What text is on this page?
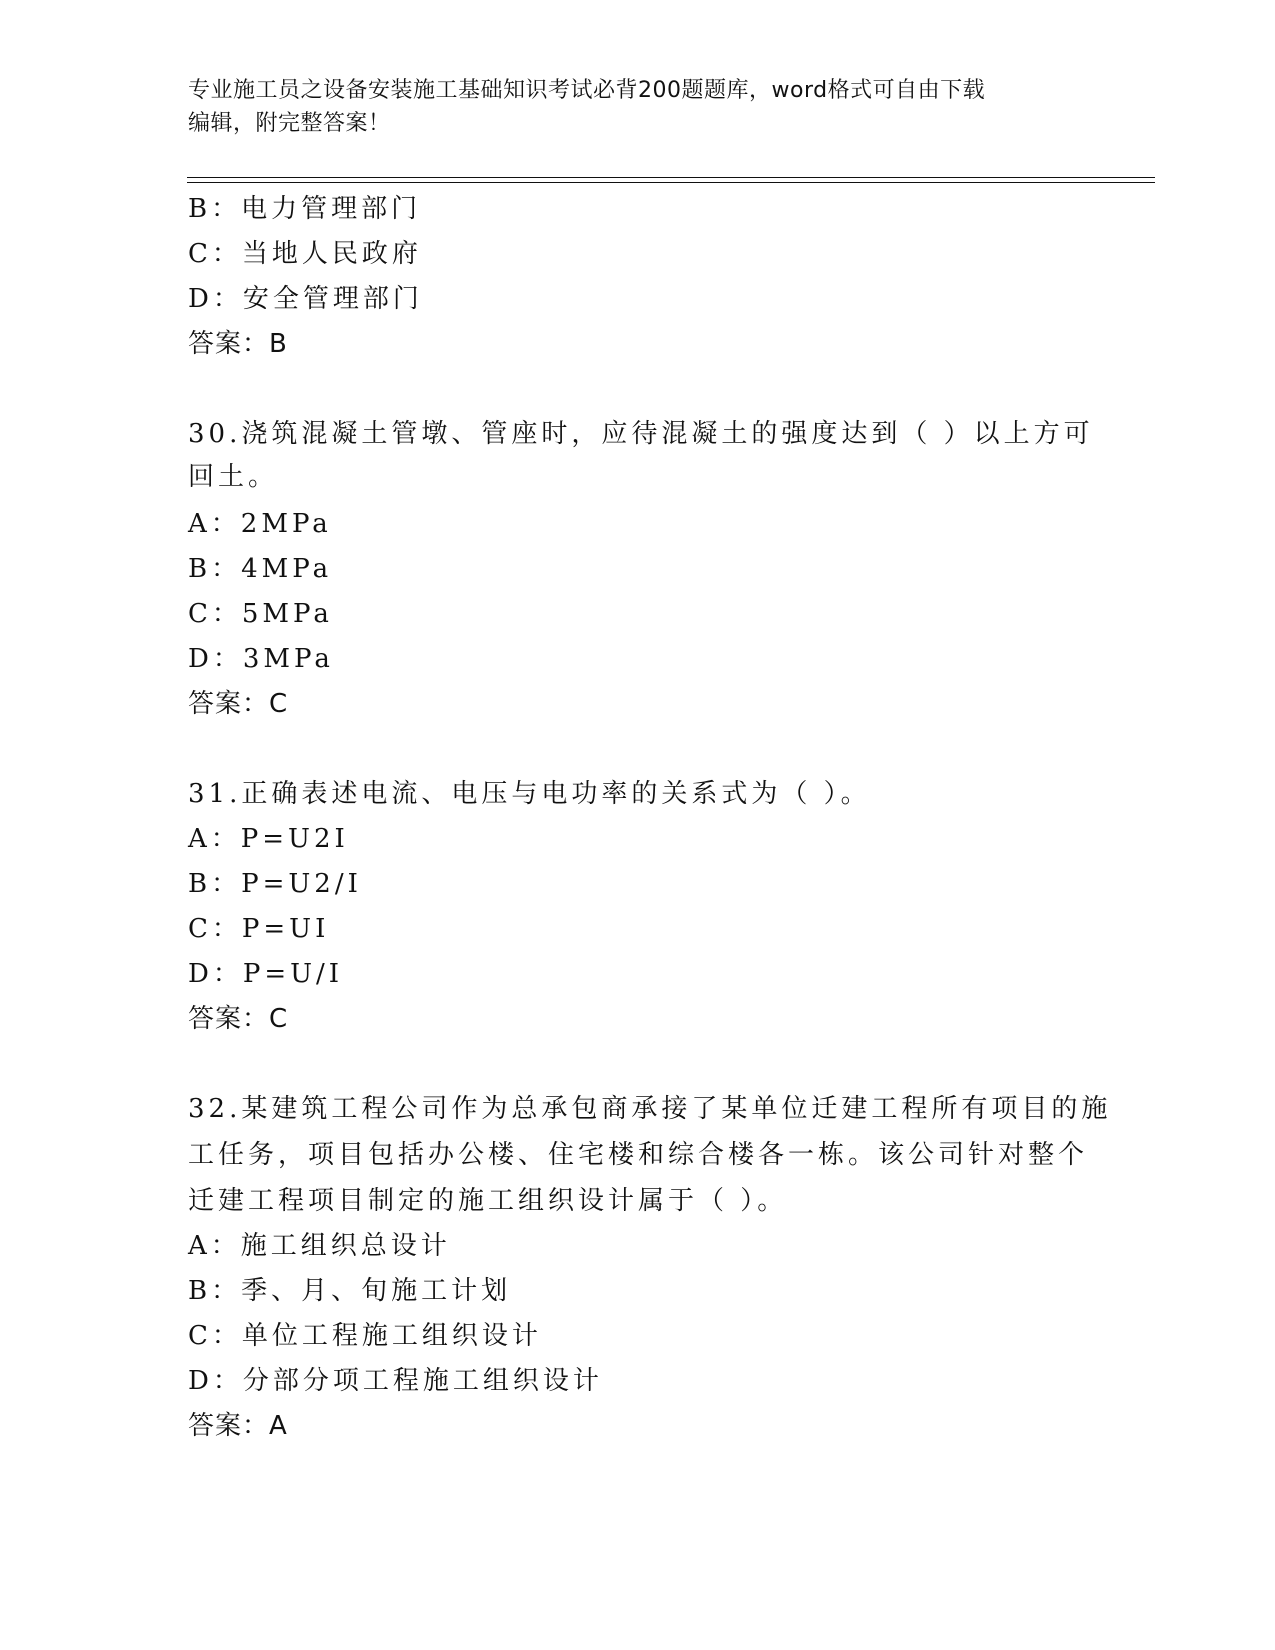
专业施工员之设备安装施工基础知识考试必背200题题库，word格式可自由下载
编辑，附完整答案！
B：电力管理部门
C：当地人民政府
D：安全管理部门
答案：B
30.浇筑混凝土管墩、管座时，应待混凝土的强度达到（ ）以上方可
回土。
A：2MPa
B：4MPa
C：5MPa
D：3MPa
答案：C
31.正确表述电流、电压与电功率的关系式为（ ）。
A：P=U2I
B：P=U2/I
C：P=UI
D：P=U/I
答案：C
32.某建筑工程公司作为总承包商承接了某单位迁建工程所有项目的施
工任务，项目包括办公楼、住宅楼和综合楼各一栋。该公司针对整个
迁建工程项目制定的施工组织设计属于（ ）。
A：施工组织总设计
B：季、月、旬施工计划
C：单位工程施工组织设计
D：分部分项工程施工组织设计
答案：A
